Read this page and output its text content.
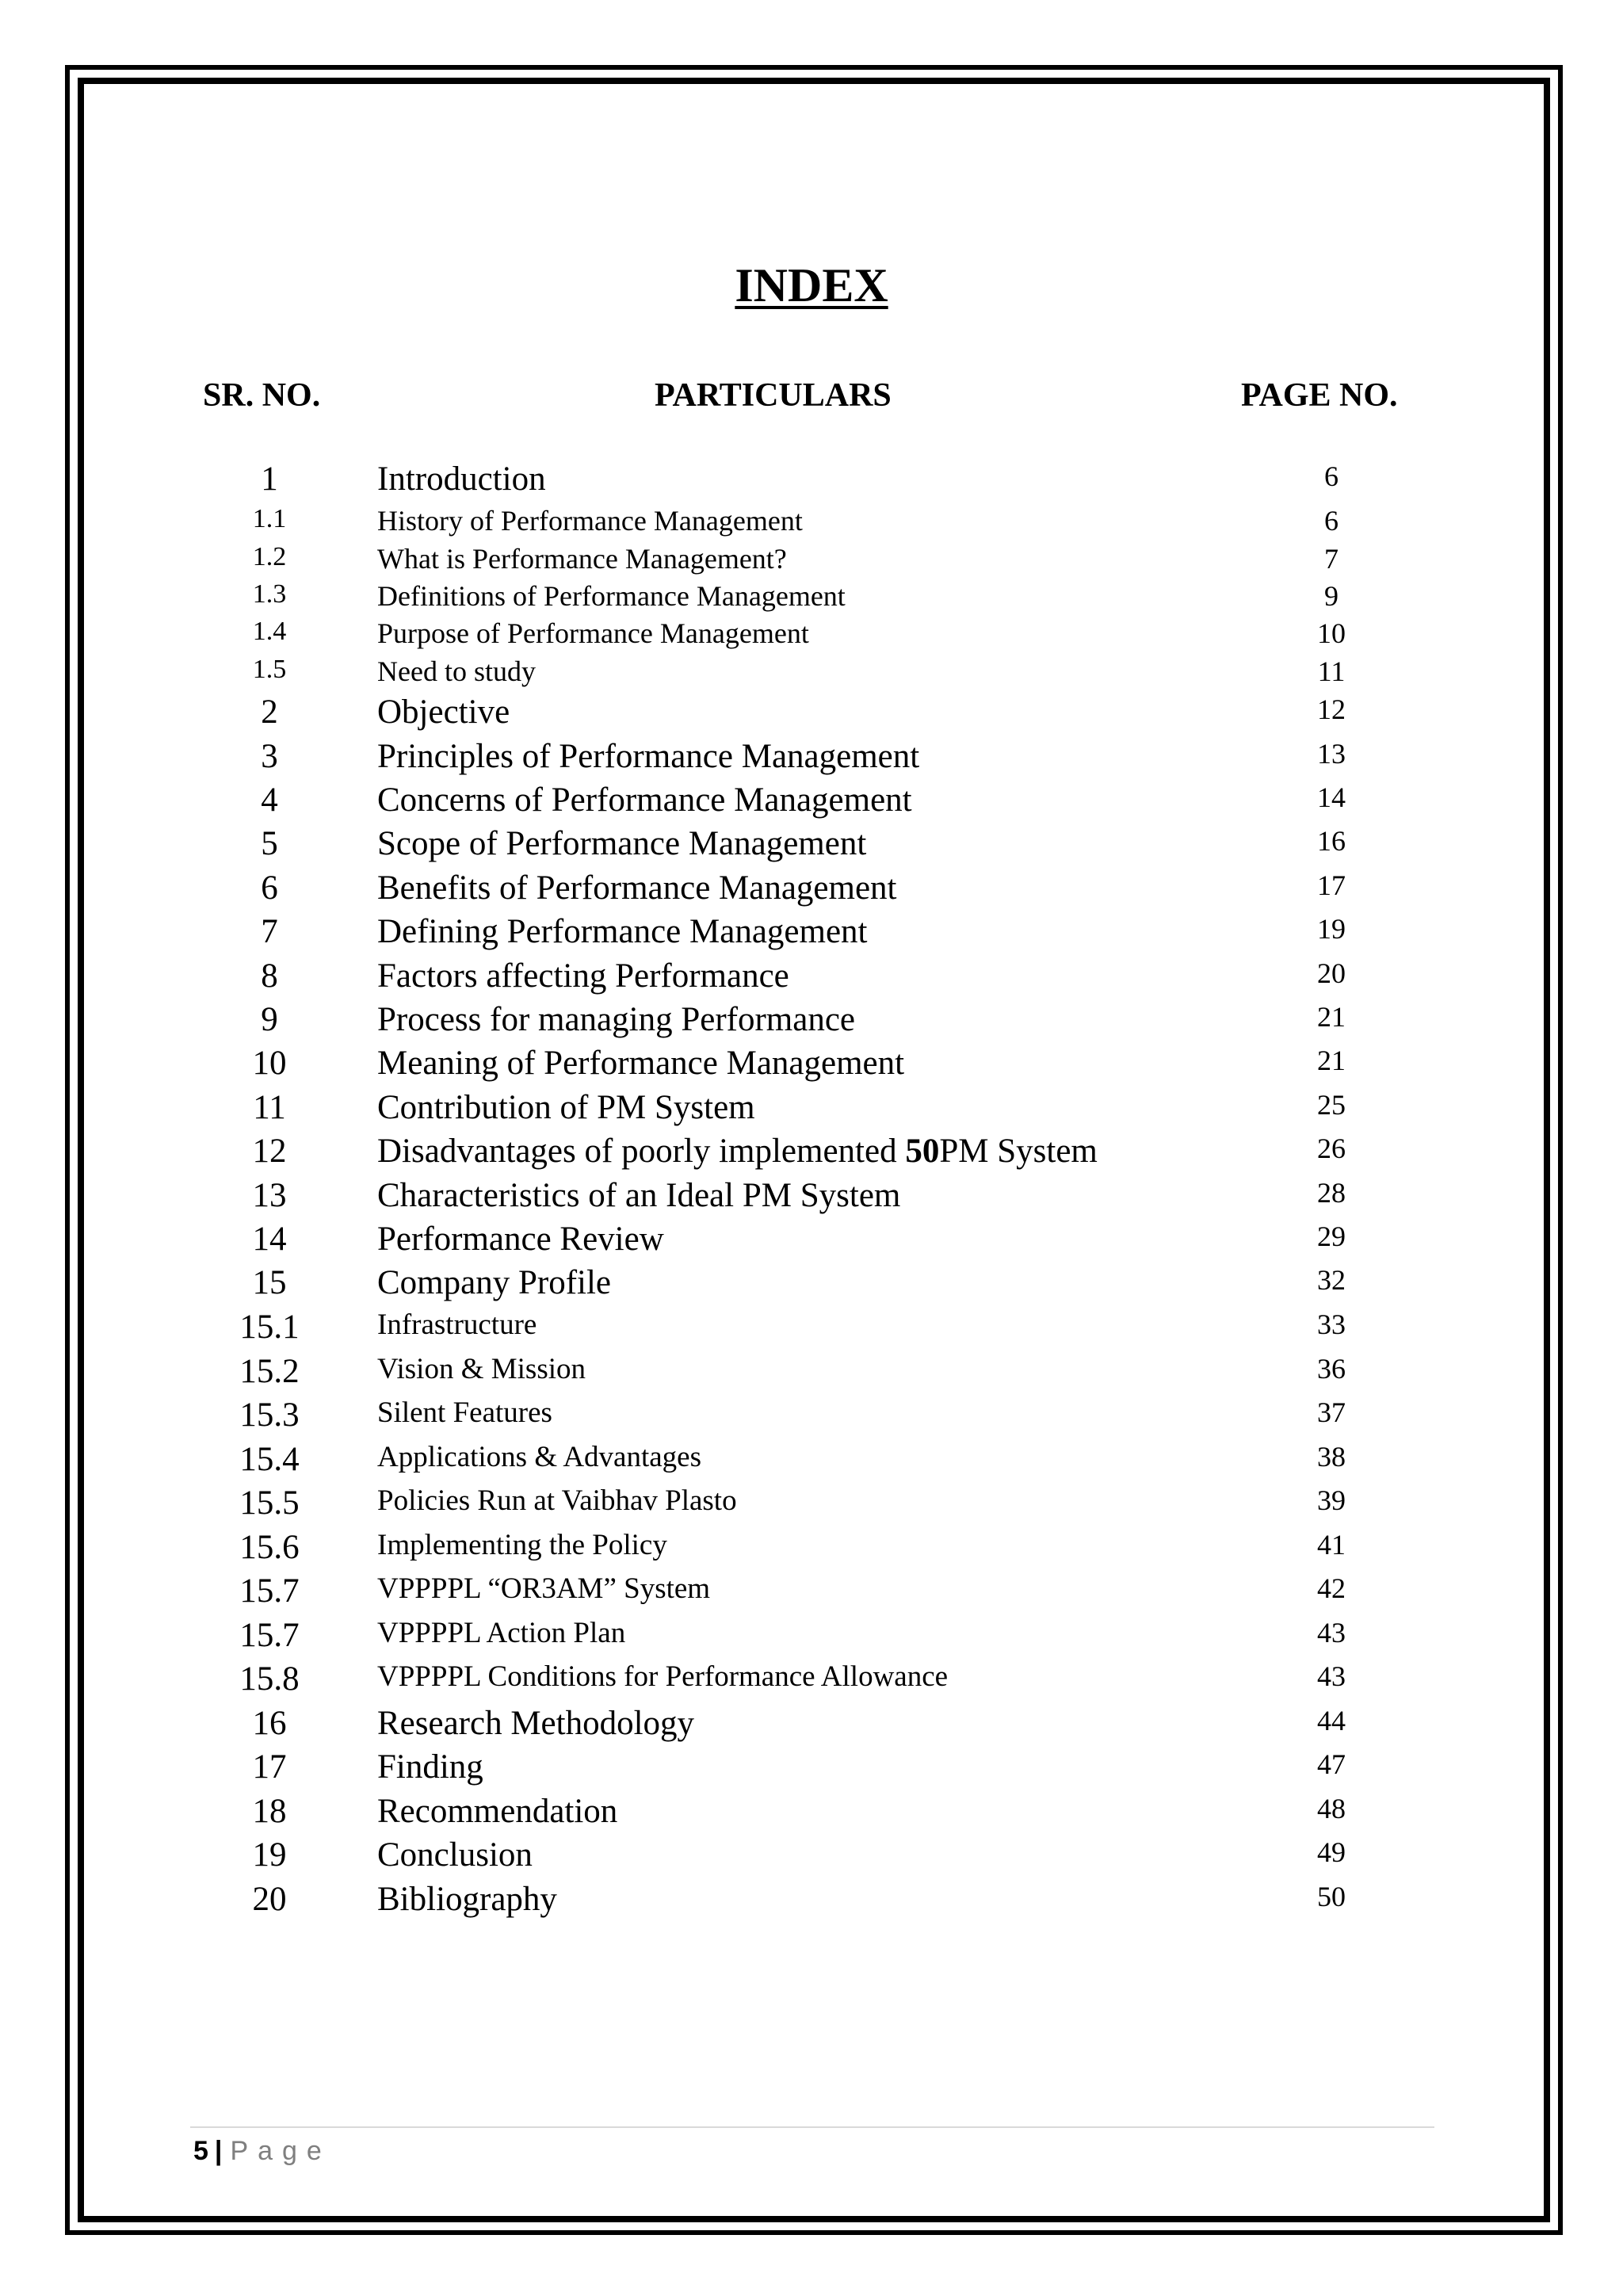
INDEX
SR. NO.	PARTICULARS	PAGE NO.
1	Introduction	6
1.1	History of Performance Management	6
1.2	What is Performance Management?	7
1.3	Definitions of Performance Management	9
1.4	Purpose of Performance Management	10
1.5	Need to study	11
2	Objective	12
3	Principles of Performance Management	13
4	Concerns of Performance Management	14
5	Scope of Performance Management	16
6	Benefits of Performance Management	17
7	Defining Performance Management	19
8	Factors affecting Performance	20
9	Process for managing Performance	21
10	Meaning of Performance Management	21
11	Contribution of PM System	25
12	Disadvantages of poorly implemented 50PM System	26
13	Characteristics of an Ideal PM System	28
14	Performance Review	29
15	Company Profile	32
15.1	Infrastructure	33
15.2	Vision & Mission	36
15.3	Silent Features	37
15.4	Applications & Advantages	38
15.5	Policies Run at Vaibhav Plasto	39
15.6	Implementing the Policy	41
15.7	VPPPPL “OR3AM” System	42
15.7	VPPPPL Action Plan	43
15.8	VPPPPL Conditions for Performance Allowance	43
16	Research Methodology	44
17	Finding	47
18	Recommendation	48
19	Conclusion	49
20	Bibliography	50
5 | Page
